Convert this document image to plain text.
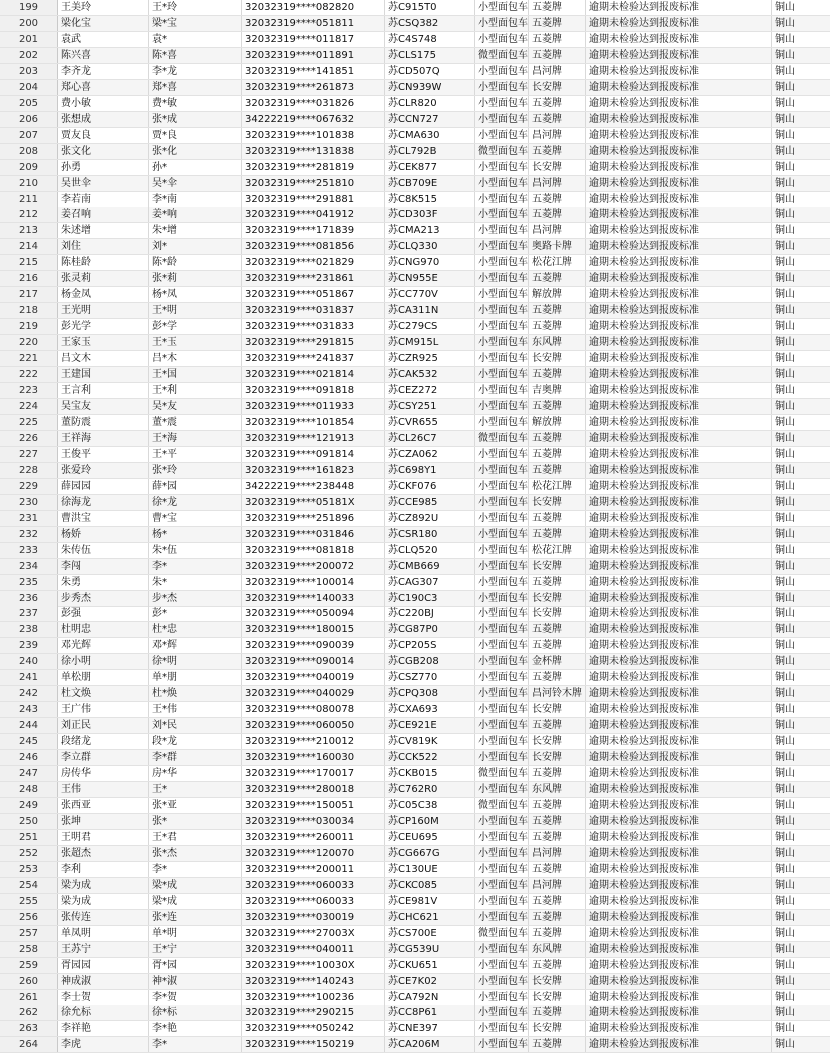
199	王美玲	王*玲	32032319****082820	苏C915T0	小型面包车 五菱牌	逾期未检验达到报废标准	铜山
200	梁化宝	梁*宝	32032319****051811	苏CSQ382	小型面包车 五菱牌	逾期未检验达到报废标准	铜山
201	袁武	袁*	32032319****011817	苏C4S748	小型面包车 五菱牌	逾期未检验达到报废标准	铜山
202	陈兴喜	陈*喜	32032319****011891	苏CLS175	微型面包车 五菱牌	逾期未检验达到报废标准	铜山
203	李齐龙	李*龙	32032319****141851	苏CD507Q	小型面包车 昌河牌	逾期未检验达到报废标准	铜山
204	郑心喜	郑*喜	32032319****261873	苏CN939W	小型面包车 长安牌	逾期未检验达到报废标准	铜山
205	费小敏	费*敏	32032319****031826	苏CLR820	小型面包车 五菱牌	逾期未检验达到报废标准	铜山
206	张想成	张*成	34222219****067632	苏CCN727	小型面包车 五菱牌	逾期未检验达到报废标准	铜山
207	贾友良	贾*良	32032319****101838	苏CMA630	小型面包车 昌河牌	逾期未检验达到报废标准	铜山
208	张文化	张*化	32032319****131838	苏CL792B	微型面包车 五菱牌	逾期未检验达到报废标准	铜山
209	孙勇	孙*	32032319****281819	苏CEK877	小型面包车 长安牌	逾期未检验达到报废标准	铜山
210	吴世伞	吴*伞	32032319****251810	苏CB709E	小型面包车 昌河牌	逾期未检验达到报废标准	铜山
211	李若南	李*南	32032319****291881	苏C8K515	小型面包车 五菱牌	逾期未检验达到报废标准	铜山
212	姜召响	姜*响	32032319****041912	苏CD303F	小型面包车 五菱牌	逾期未检验达到报废标准	铜山
213	朱述增	朱*增	32032319****171839	苏CMA213	小型面包车 昌河牌	逾期未检验达到报废标准	铜山
214	刘住	刘*	32032319****081856	苏CLQ330	小型面包车 奥路卡牌	逾期未检验达到报废标准	铜山
215	陈桂龄	陈*龄	32032319****021829	苏CNG970	小型面包车 松花江牌	逾期未检验达到报废标准	铜山
216	张灵莉	张*莉	32032319****231861	苏CN955E	小型面包车 五菱牌	逾期未检验达到报废标准	铜山
217	杨金凤	杨*凤	32032319****051867	苏CC770V	小型面包车 解放牌	逾期未检验达到报废标准	铜山
218	王光明	王*明	32032319****031837	苏CA311N	小型面包车 五菱牌	逾期未检验达到报废标准	铜山
219	彭光学	彭*学	32032319****031833	苏C279CS	小型面包车 五菱牌	逾期未检验达到报废标准	铜山
220	王家玉	王*玉	32032319****291815	苏CM915L	小型面包车 东风牌	逾期未检验达到报废标准	铜山
221	吕文木	吕*木	32032319****241837	苏CZR925	小型面包车 长安牌	逾期未检验达到报废标准	铜山
222	王建国	王*国	32032319****021814	苏CAK532	小型面包车 五菱牌	逾期未检验达到报废标准	铜山
223	王言利	王*利	32032319****091818	苏CEZ272	小型面包车 吉奥牌	逾期未检验达到报废标准	铜山
224	吴宝友	吴*友	32032319****011933	苏CSY251	小型面包车 五菱牌	逾期未检验达到报废标准	铜山
225	董防震	董*震	32032319****101854	苏CVR655	小型面包车 解放牌	逾期未检验达到报废标准	铜山
226	王祥海	王*海	32032319****121913	苏CL26C7	微型面包车 五菱牌	逾期未检验达到报废标准	铜山
227	王俊平	王*平	32032319****091814	苏CZA062	小型面包车 五菱牌	逾期未检验达到报废标准	铜山
228	张爱玲	张*玲	32032319****161823	苏C698Y1	小型面包车 五菱牌	逾期未检验达到报废标准	铜山
229	薛园园	薛*园	34222219****238448	苏CKF076	小型面包车 松花江牌	逾期未检验达到报废标准	铜山
230	徐海龙	徐*龙	32032319****05181X	苏CCE985	小型面包车 长安牌	逾期未检验达到报废标准	铜山
231	曹洪宝	曹*宝	32032319****251896	苏CZ892U	小型面包车 五菱牌	逾期未检验达到报废标准	铜山
232	杨娇	杨*	32032319****031846	苏CSR180	小型面包车 五菱牌	逾期未检验达到报废标准	铜山
233	朱传伍	朱*伍	32032319****081818	苏CLQ520	小型面包车 松花江牌	逾期未检验达到报废标准	铜山
234	李闯	李*	32032319****200072	苏CMB669	小型面包车 长安牌	逾期未检验达到报废标准	铜山
235	朱勇	朱*	32032319****100014	苏CAG307	小型面包车 五菱牌	逾期未检验达到报废标准	铜山
236	步秀杰	步*杰	32032319****140033	苏C190C3	小型面包车 长安牌	逾期未检验达到报废标准	铜山
237	彭强	彭*	32032319****050094	苏C220BJ	小型面包车 长安牌	逾期未检验达到报废标准	铜山
238	杜明忠	杜*忠	32032319****180015	苏CG87P0	小型面包车 五菱牌	逾期未检验达到报废标准	铜山
239	邓光辉	邓*辉	32032319****090039	苏CP205S	小型面包车 五菱牌	逾期未检验达到报废标准	铜山
240	徐小明	徐*明	32032319****090014	苏CGB208	小型面包车 金杯牌	逾期未检验达到报废标准	铜山
241	单松朋	单*朋	32032319****040019	苏CSZ770	小型面包车 五菱牌	逾期未检验达到报废标准	铜山
242	杜文焕	杜*焕	32032319****040029	苏CPQ308	小型面包车 昌河铃木牌 逾期未检验达到报废标准	铜山
243	王广伟	王*伟	32032319****080078	苏CXA693	小型面包车 长安牌	逾期未检验达到报废标准	铜山
244	刘正民	刘*民	32032319****060050	苏CE921E	小型面包车 五菱牌	逾期未检验达到报废标准	铜山
245	段绪龙	段*龙	32032319****210012	苏CV819K	小型面包车 长安牌	逾期未检验达到报废标准	铜山
246	李立群	李*群	32032319****160030	苏CCK522	小型面包车 长安牌	逾期未检验达到报废标准	铜山
247	房传华	房*华	32032319****170017	苏CKB015	微型面包车 五菱牌	逾期未检验达到报废标准	铜山
248	王伟	王*	32032319****280018	苏C762R0	小型面包车 东风牌	逾期未检验达到报废标准	铜山
249	张西亚	张*亚	32032319****150051	苏C05C38	微型面包车 五菱牌	逾期未检验达到报废标准	铜山
250	张坤	张*	32032319****030034	苏CP160M	小型面包车 五菱牌	逾期未检验达到报废标准	铜山
251	王明君	王*君	32032319****260011	苏CEU695	小型面包车 五菱牌	逾期未检验达到报废标准	铜山
252	张超杰	张*杰	32032319****120070	苏CG667G	小型面包车 昌河牌	逾期未检验达到报废标准	铜山
253	李利	李*	32032319****200011	苏C130UE	小型面包车 五菱牌	逾期未检验达到报废标准	铜山
254	梁为成	梁*成	32032319****060033	苏CKC085	小型面包车 昌河牌	逾期未检验达到报废标准	铜山
255	梁为成	梁*成	32032319****060033	苏CE981V	小型面包车 五菱牌	逾期未检验达到报废标准	铜山
256	张传连	张*连	32032319****030019	苏CHC621	小型面包车 五菱牌	逾期未检验达到报废标准	铜山
257	单凤明	单*明	32032319****27003X	苏CS700E	微型面包车 五菱牌	逾期未检验达到报废标准	铜山
258	王苏宁	王*宁	32032319****040011	苏CG539U	小型面包车 东风牌	逾期未检验达到报废标准	铜山
259	胥园园	胥*园	32032319****10030X	苏CKU651	小型面包车 五菱牌	逾期未检验达到报废标准	铜山
260	神成淑	神*淑	32032319****140243	苏CE7K02	小型面包车 长安牌	逾期未检验达到报废标准	铜山
261	李士贺	李*贺	32032319****100236	苏CA792N	小型面包车 长安牌	逾期未检验达到报废标准	铜山
262	徐允标	徐*标	32032319****290215	苏CC8P61	小型面包车 五菱牌	逾期未检验达到报废标准	铜山
263	李祥艳	李*艳	32032319****050242	苏CNE397	小型面包车 长安牌	逾期未检验达到报废标准	铜山
264	李虎	李*	32032319****150219	苏CA206M	小型面包车 五菱牌	逾期未检验达到报废标准	铜山
